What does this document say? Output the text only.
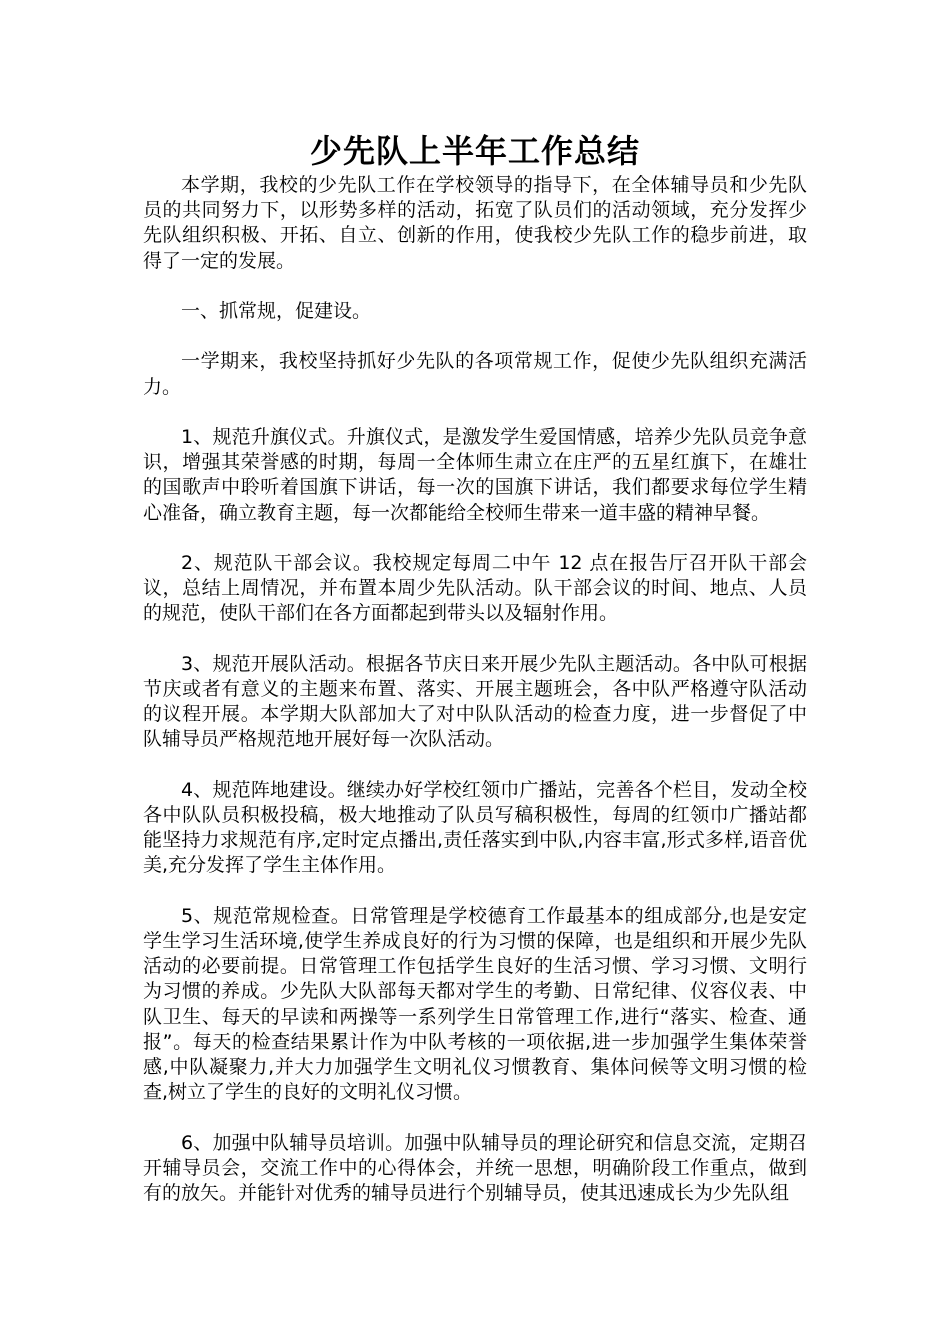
少先队上半年工作总结

本学期，我校的少先队工作在学校领导的指导下，在全体辅导员和少先队员的共同努力下，以形势多样的活动，拓宽了队员们的活动领域，充分发挥少先队组织积极、开拓、自立、创新的作用，使我校少先队工作的稳步前进，取得了一定的发展。

一、抓常规，促建设。

一学期来，我校坚持抓好少先队的各项常规工作，促使少先队组织充满活力。

1、规范升旗仪式。升旗仪式，是激发学生爱国情感，培养少先队员竞争意识，增强其荣誉感的时期，每周一全体师生肃立在庄严的五星红旗下，在雄壮的国歌声中聆听着国旗下讲话，每一次的国旗下讲话，我们都要求每位学生精心准备，确立教育主题，每一次都能给全校师生带来一道丰盛的精神早餐。

2、规范队干部会议。我校规定每周二中午 12 点在报告厅召开队干部会议，总结上周情况，并布置本周少先队活动。队干部会议的时间、地点、人员的规范，使队干部们在各方面都起到带头以及辐射作用。

3、规范开展队活动。根据各节庆日来开展少先队主题活动。各中队可根据节庆或者有意义的主题来布置、落实、开展主题班会，各中队严格遵守队活动的议程开展。本学期大队部加大了对中队队活动的检查力度，进一步督促了中队辅导员严格规范地开展好每一次队活动。

4、规范阵地建设。继续办好学校红领巾广播站，完善各个栏目，发动全校各中队队员积极投稿，极大地推动了队员写稿积极性，每周的红领巾广播站都能坚持力求规范有序,定时定点播出,责任落实到中队,内容丰富,形式多样,语音优美,充分发挥了学生主体作用。

5、规范常规检查。日常管理是学校德育工作最基本的组成部分,也是安定学生学习生活环境,使学生养成良好的行为习惯的保障，也是组织和开展少先队活动的必要前提。日常管理工作包括学生良好的生活习惯、学习习惯、文明行为习惯的养成。少先队大队部每天都对学生的考勤、日常纪律、仪容仪表、中队卫生、每天的早读和两操等一系列学生日常管理工作,进行“落实、检查、通报”。每天的检查结果累计作为中队考核的一项依据,进一步加强学生集体荣誉感,中队凝聚力,并大力加强学生文明礼仪习惯教育、集体问候等文明习惯的检查,树立了学生的良好的文明礼仪习惯。

6、加强中队辅导员培训。加强中队辅导员的理论研究和信息交流，定期召开辅导员会，交流工作中的心得体会，并统一思想，明确阶段工作重点，做到有的放矢。并能针对优秀的辅导员进行个别辅导员，使其迅速成长为少先队组
